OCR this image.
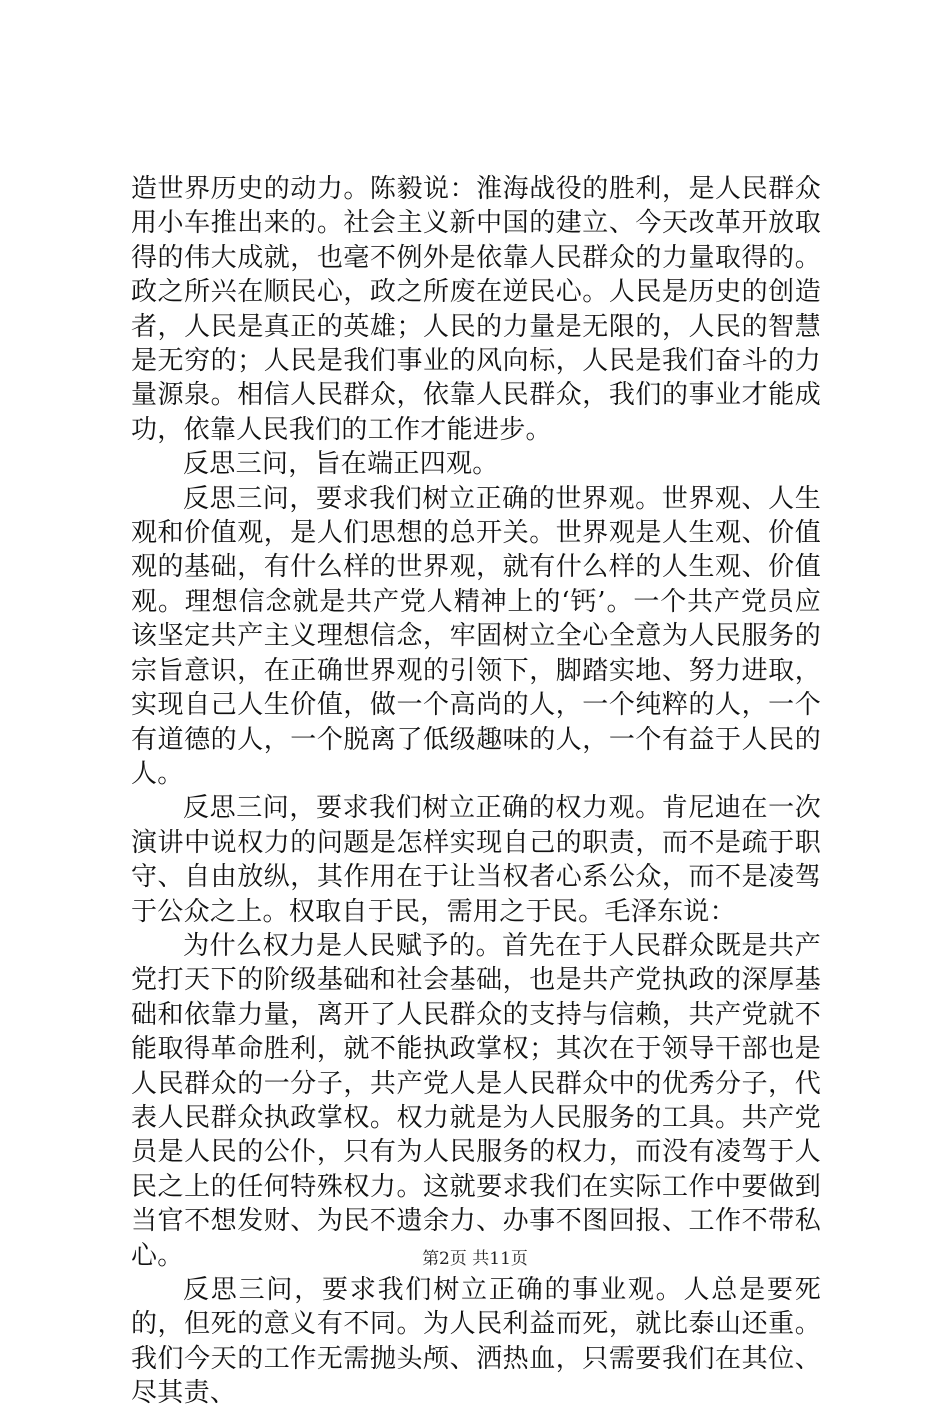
造世界历史的动力。陈毅说：淮海战役的胜利，是人民群众用小车推出来的。社会主义新中国的建立、今天改革开放取得的伟大成就，也毫不例外是依靠人民群众的力量取得的。政之所兴在顺民心，政之所废在逆民心。人民是历史的创造者，人民是真正的英雄；人民的力量是无限的，人民的智慧是无穷的；人民是我们事业的风向标，人民是我们奋斗的力量源泉。相信人民群众，依靠人民群众，我们的事业才能成功，依靠人民我们的工作才能进步。

反思三问，旨在端正四观。

反思三问，要求我们树立正确的世界观。世界观、人生观和价值观，是人们思想的总开关。世界观是人生观、价值观的基础，有什么样的世界观，就有什么样的人生观、价值观。理想信念就是共产党人精神上的‘钙’。一个共产党员应该坚定共产主义理想信念，牢固树立全心全意为人民服务的宗旨意识，在正确世界观的引领下，脚踏实地、努力进取，实现自己人生价值，做一个高尚的人，一个纯粹的人，一个有道德的人，一个脱离了低级趣味的人，一个有益于人民的人。

反思三问，要求我们树立正确的权力观。肯尼迪在一次演讲中说权力的问题是怎样实现自己的职责，而不是疏于职守、自由放纵，其作用在于让当权者心系公众，而不是凌驾于公众之上。权取自于民，需用之于民。毛泽东说：

为什么权力是人民赋予的。首先在于人民群众既是共产党打天下的阶级基础和社会基础，也是共产党执政的深厚基础和依靠力量，离开了人民群众的支持与信赖，共产党就不能取得革命胜利，就不能执政掌权；其次在于领导干部也是人民群众的一分子，共产党人是人民群众中的优秀分子，代表人民群众执政掌权。权力就是为人民服务的工具。共产党员是人民的公仆，只有为人民服务的权力，而没有凌驾于人民之上的任何特殊权力。这就要求我们在实际工作中要做到当官不想发财、为民不遗余力、办事不图回报、工作不带私心。

反思三问，要求我们树立正确的事业观。人总是要死的，但死的意义有不同。为人民利益而死，就比泰山还重。我们今天的工作无需抛头颅、洒热血，只需要我们在其位、尽其责、

第2页 共11页
